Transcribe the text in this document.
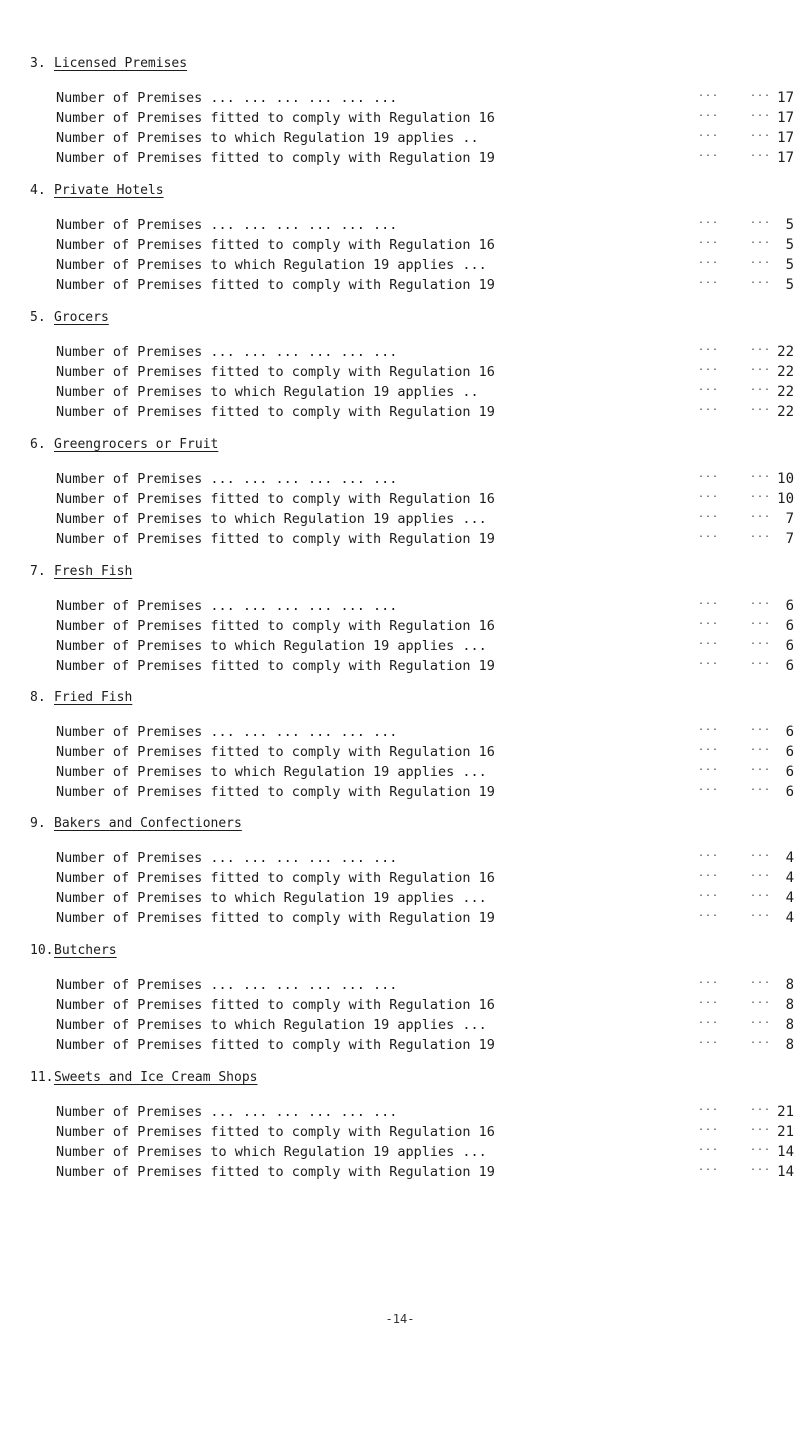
3. Licensed Premises
Number of Premises ... ... ... ... ... ...	...	... 17
Number of Premises fitted to comply with Regulation 16	...	... 17
Number of Premises to which Regulation 19 applies ..	...	... 17
Number of Premises fitted to comply with Regulation 19	...	... 17
4. Private Hotels
Number of Premises ... ... ... ... ... ...	...	... 5
Number of Premises fitted to comply with Regulation 16	...	... 5
Number of Premises to which Regulation 19 applies ...	...	... 5
Number of Premises fitted to comply with Regulation 19	...	... 5
5. Grocers
Number of Premises ... ... ... ... ... ...	...	... 22
Number of Premises fitted to comply with Regulation 16	...	... 22
Number of Premises to which Regulation 19 applies ..	...	... 22
Number of Premises fitted to comply with Regulation 19	...	... 22
6. Greengrocers or Fruit
Number of Premises ... ... ... ... ... ...	...	... 10
Number of Premises fitted to comply with Regulation 16	...	... 10
Number of Premises to which Regulation 19 applies ...	...	... 7
Number of Premises fitted to comply with Regulation 19	...	... 7
7. Fresh Fish
Number of Premises ... ... ... ... ... ...	...	... 6
Number of Premises fitted to comply with Regulation 16	...	... 6
Number of Premises to which Regulation 19 applies ...	...	... 6
Number of Premises fitted to comply with Regulation 19	...	... 6
8. Fried Fish
Number of Premises ... ... ... ... ... ...	...	... 6
Number of Premises fitted to comply with Regulation 16	...	... 6
Number of Premises to which Regulation 19 applies ...	...	... 6
Number of Premises fitted to comply with Regulation 19	...	... 6
9. Bakers and Confectioners
Number of Premises ... ... ... ... ... ...	...	... 4
Number of Premises fitted to comply with Regulation 16	...	... 4
Number of Premises to which Regulation 19 applies ...	...	... 4
Number of Premises fitted to comply with Regulation 19	...	... 4
10.Butchers
Number of Premises ... ... ... ... ... ...	...	... 8
Number of Premises fitted to comply with Regulation 16	...	... 8
Number of Premises to which Regulation 19 applies ...	...	... 8
Number of Premises fitted to comply with Regulation 19	...	... 8
11.Sweets and Ice Cream Shops
Number of Premises ... ... ... ... ... ...	...	... 21
Number of Premises fitted to comply with Regulation 16	...	... 21
Number of Premises to which Regulation 19 applies ...	...	... 14
Number of Premises fitted to comply with Regulation 19	...	... 14
-14-
